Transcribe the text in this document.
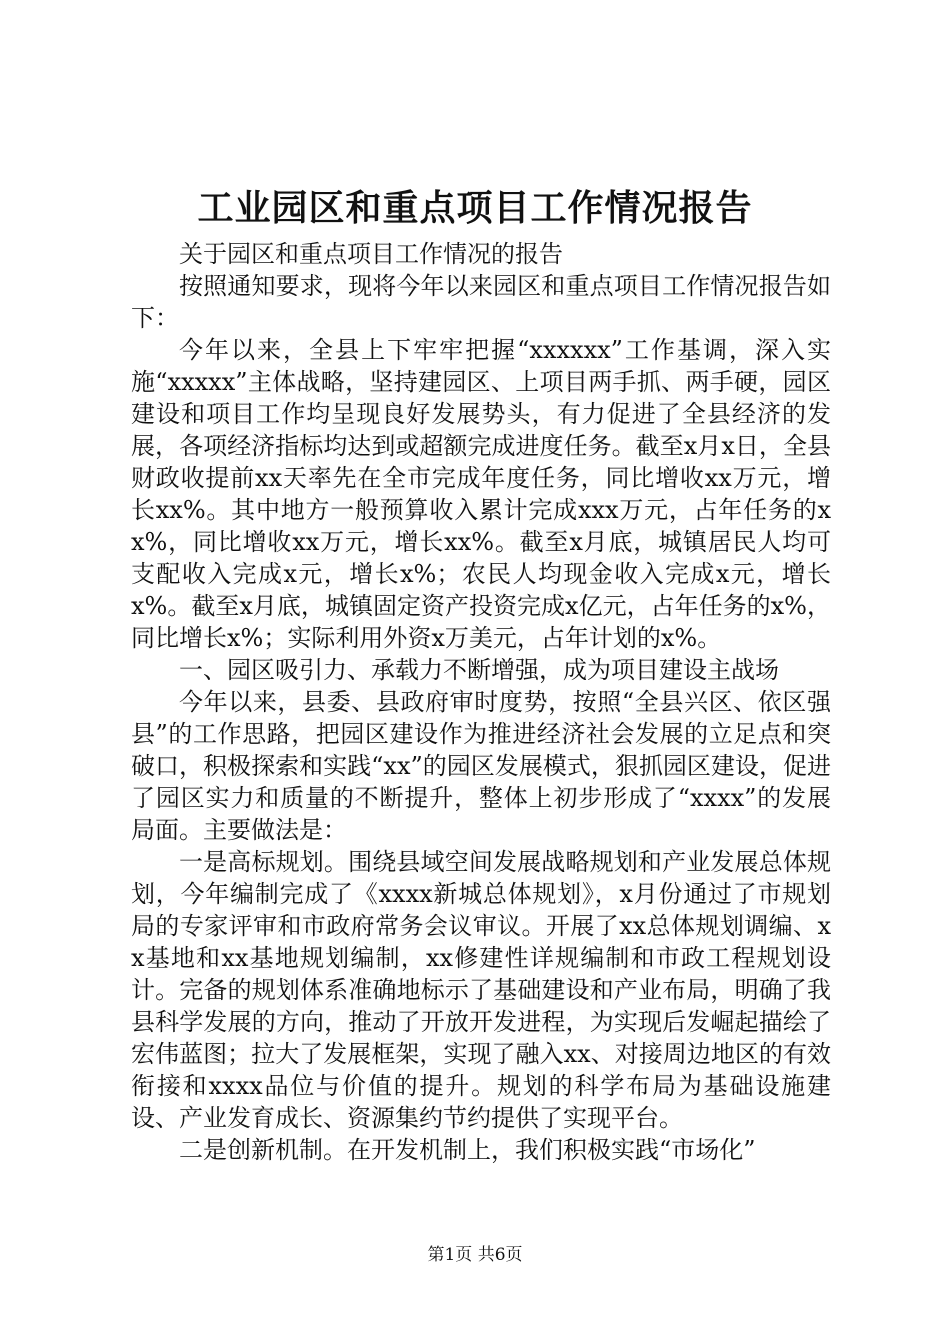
工业园区和重点项目工作情况报告

关于园区和重点项目工作情况的报告

按照通知要求，现将今年以来园区和重点项目工作情况报告如下：

今年以来，全县上下牢牢把握“xxxxxx”工作基调，深入实施“xxxxx”主体战略，坚持建园区、上项目两手抓、两手硬，园区建设和项目工作均呈现良好发展势头，有力促进了全县经济的发展，各项经济指标均达到或超额完成进度任务。截至x月x日，全县财政收提前xx天率先在全市完成年度任务，同比增收xx万元，增长xx%。其中地方一般预算收入累计完成xxx万元，占年任务的xx%，同比增收xx万元，增长xx%。截至x月底，城镇居民人均可支配收入完成x元，增长x%；农民人均现金收入完成x元，增长x%。截至x月底，城镇固定资产投资完成x亿元，占年任务的x%，同比增长x%；实际利用外资x万美元，占年计划的x%。

一、园区吸引力、承载力不断增强，成为项目建设主战场

今年以来，县委、县政府审时度势，按照“全县兴区、依区强县”的工作思路，把园区建设作为推进经济社会发展的立足点和突破口，积极探索和实践“xx”的园区发展模式，狠抓园区建设，促进了园区实力和质量的不断提升，整体上初步形成了“xxxx”的发展局面。主要做法是：

一是高标规划。围绕县域空间发展战略规划和产业发展总体规划，今年编制完成了《xxxx新城总体规划》，x月份通过了市规划局的专家评审和市政府常务会议审议。开展了xx总体规划调编、xx基地和xx基地规划编制，xx修建性详规编制和市政工程规划设计。完备的规划体系准确地标示了基础建设和产业布局，明确了我县科学发展的方向，推动了开放开发进程，为实现后发崛起描绘了宏伟蓝图；拉大了发展框架，实现了融入xx、对接周边地区的有效衔接和xxxx品位与价值的提升。规划的科学布局为基础设施建设、产业发育成长、资源集约节约提供了实现平台。

二是创新机制。在开发机制上，我们积极实践“市场化”

第1页 共6页
